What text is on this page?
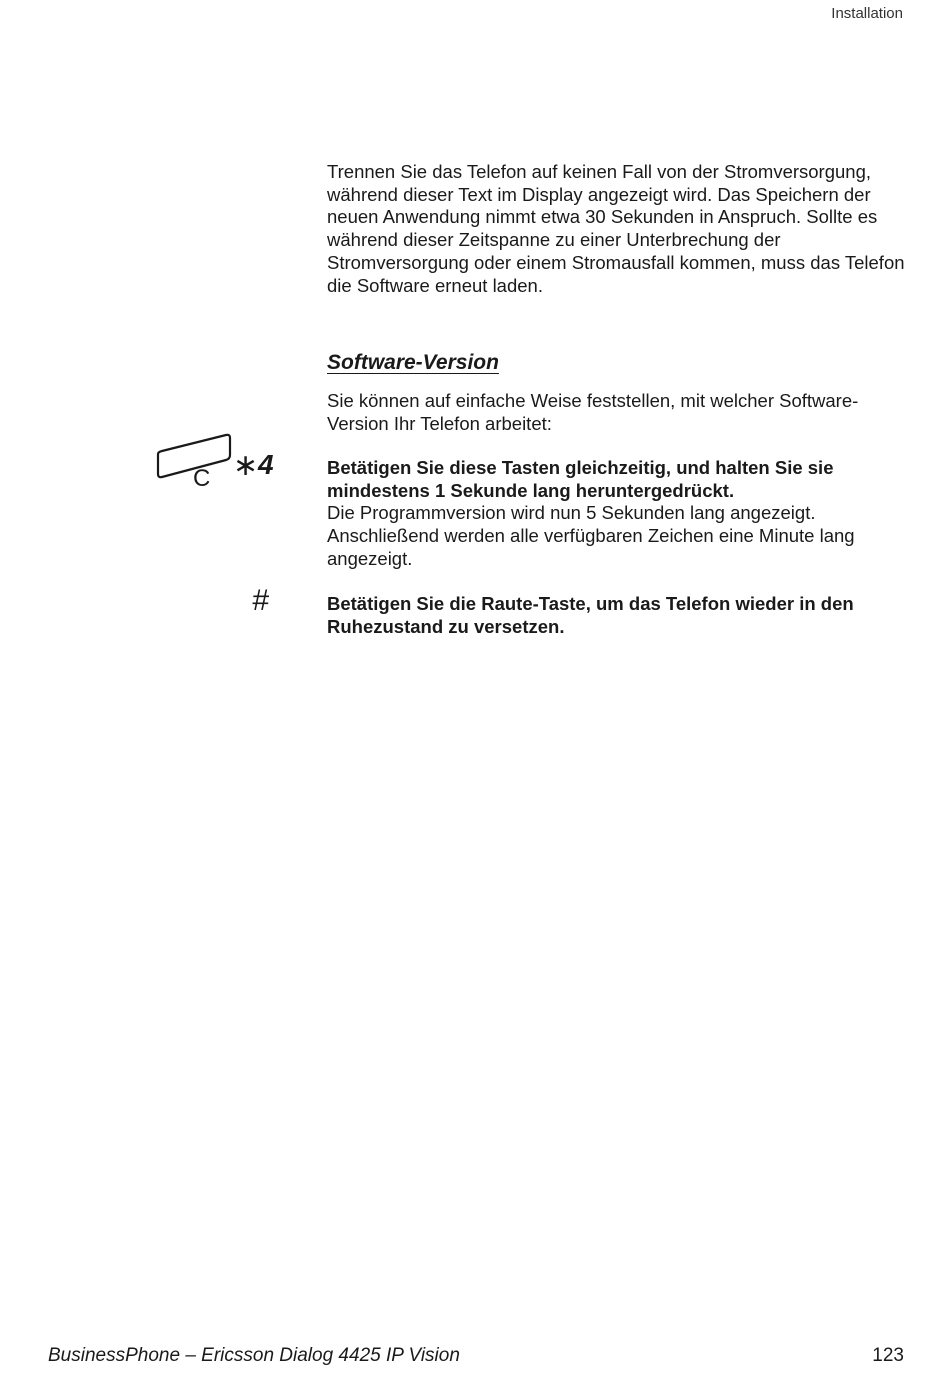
Installation
Trennen Sie das Telefon auf keinen Fall von der Stromversorgung, während dieser Text im Display angezeigt wird. Das Speichern der neuen Anwendung nimmt etwa 30 Sekunden in Anspruch. Sollte es während dieser Zeitspanne zu einer Unterbrechung der Stromversorgung oder einem Stromausfall kommen, muss das Telefon die Software erneut laden.
Software-Version
Sie können auf einfache Weise feststellen, mit welcher Software-Version Ihr Telefon arbeitet:
C ∗ 4	Betätigen Sie diese Tasten gleichzeitig, und halten Sie sie mindestens 1 Sekunde lang heruntergedrückt.
Die Programmversion wird nun 5 Sekunden lang angezeigt. Anschließend werden alle verfügbaren Zeichen eine Minute lang angezeigt.
#	Betätigen Sie die Raute-Taste, um das Telefon wieder in den Ruhezustand zu versetzen.
BusinessPhone – Ericsson Dialog 4425 IP Vision	123
